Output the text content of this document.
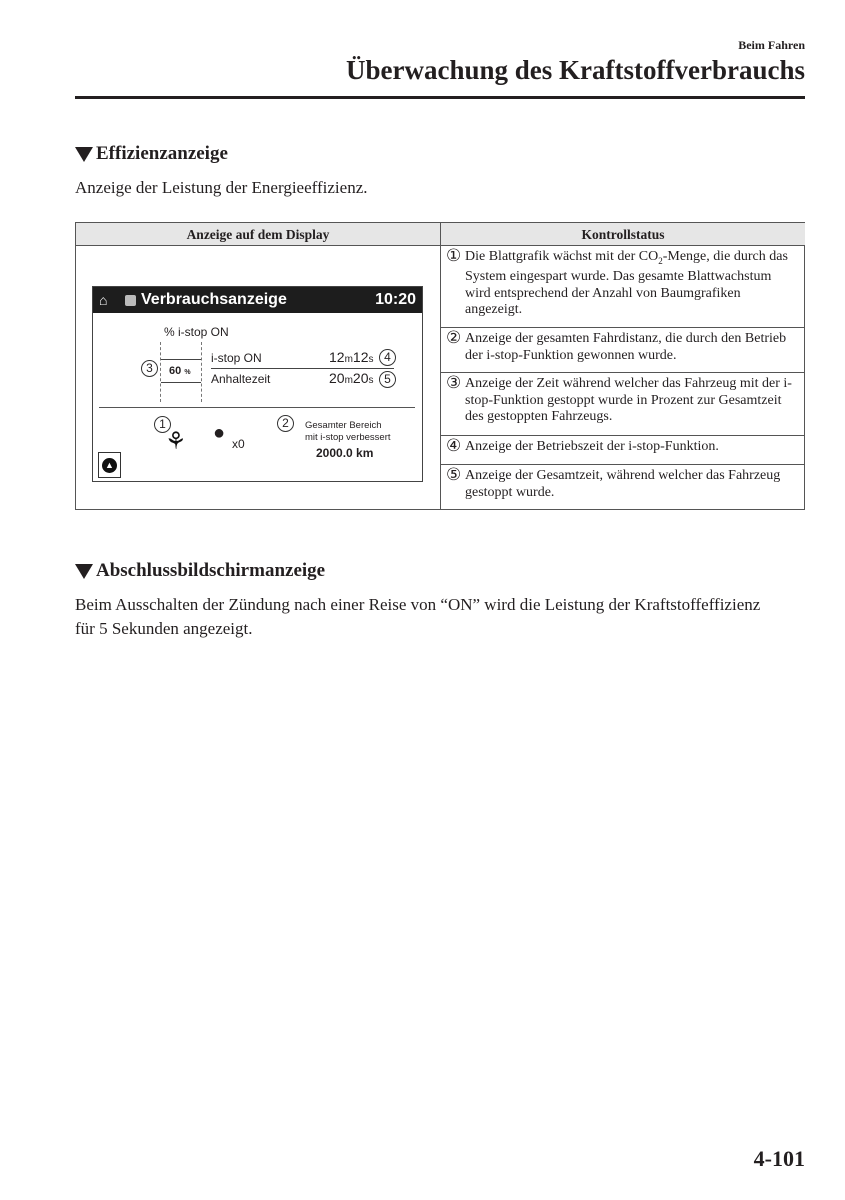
Beim Fahren
Überwachung des Kraftstoffverbrauchs
Effizienzanzeige
Anzeige der Leistung der Energieeffizienz.
Anzeige auf dem Display	Kontrollstatus
⌂ Verbrauchsanzeige	10:20
% i-stop ON
60 %
3
i-stop ON	12m12s 4
Anhaltezeit	20m20s 5
1
⚘ ● x0
2	Gesamter Bereich
mit i-stop verbessert
2000.0 km
▲
① Die Blattgrafik wächst mit der $CO_2$-Menge, die durch das System eingespart wurde. Das gesamte Blattwachstum wird entsprechend der Anzahl von Baumgrafiken angezeigt.
② Anzeige der gesamten Fahrdistanz, die durch den Betrieb der i-stop-Funktion gewonnen wurde.
③ Anzeige der Zeit während welcher das Fahrzeug mit der i-stop-Funktion gestoppt wurde in Prozent zur Gesamtzeit des gestoppten Fahrzeugs.
④ Anzeige der Betriebszeit der i-stop-Funktion.
⑤ Anzeige der Gesamtzeit, während welcher das Fahrzeug gestoppt wurde.
Abschlussbildschirmanzeige
Beim Ausschalten der Zündung nach einer Reise von “ON” wird die Leistung der Kraftstoffeffizienz für 5 Sekunden angezeigt.
4-101
